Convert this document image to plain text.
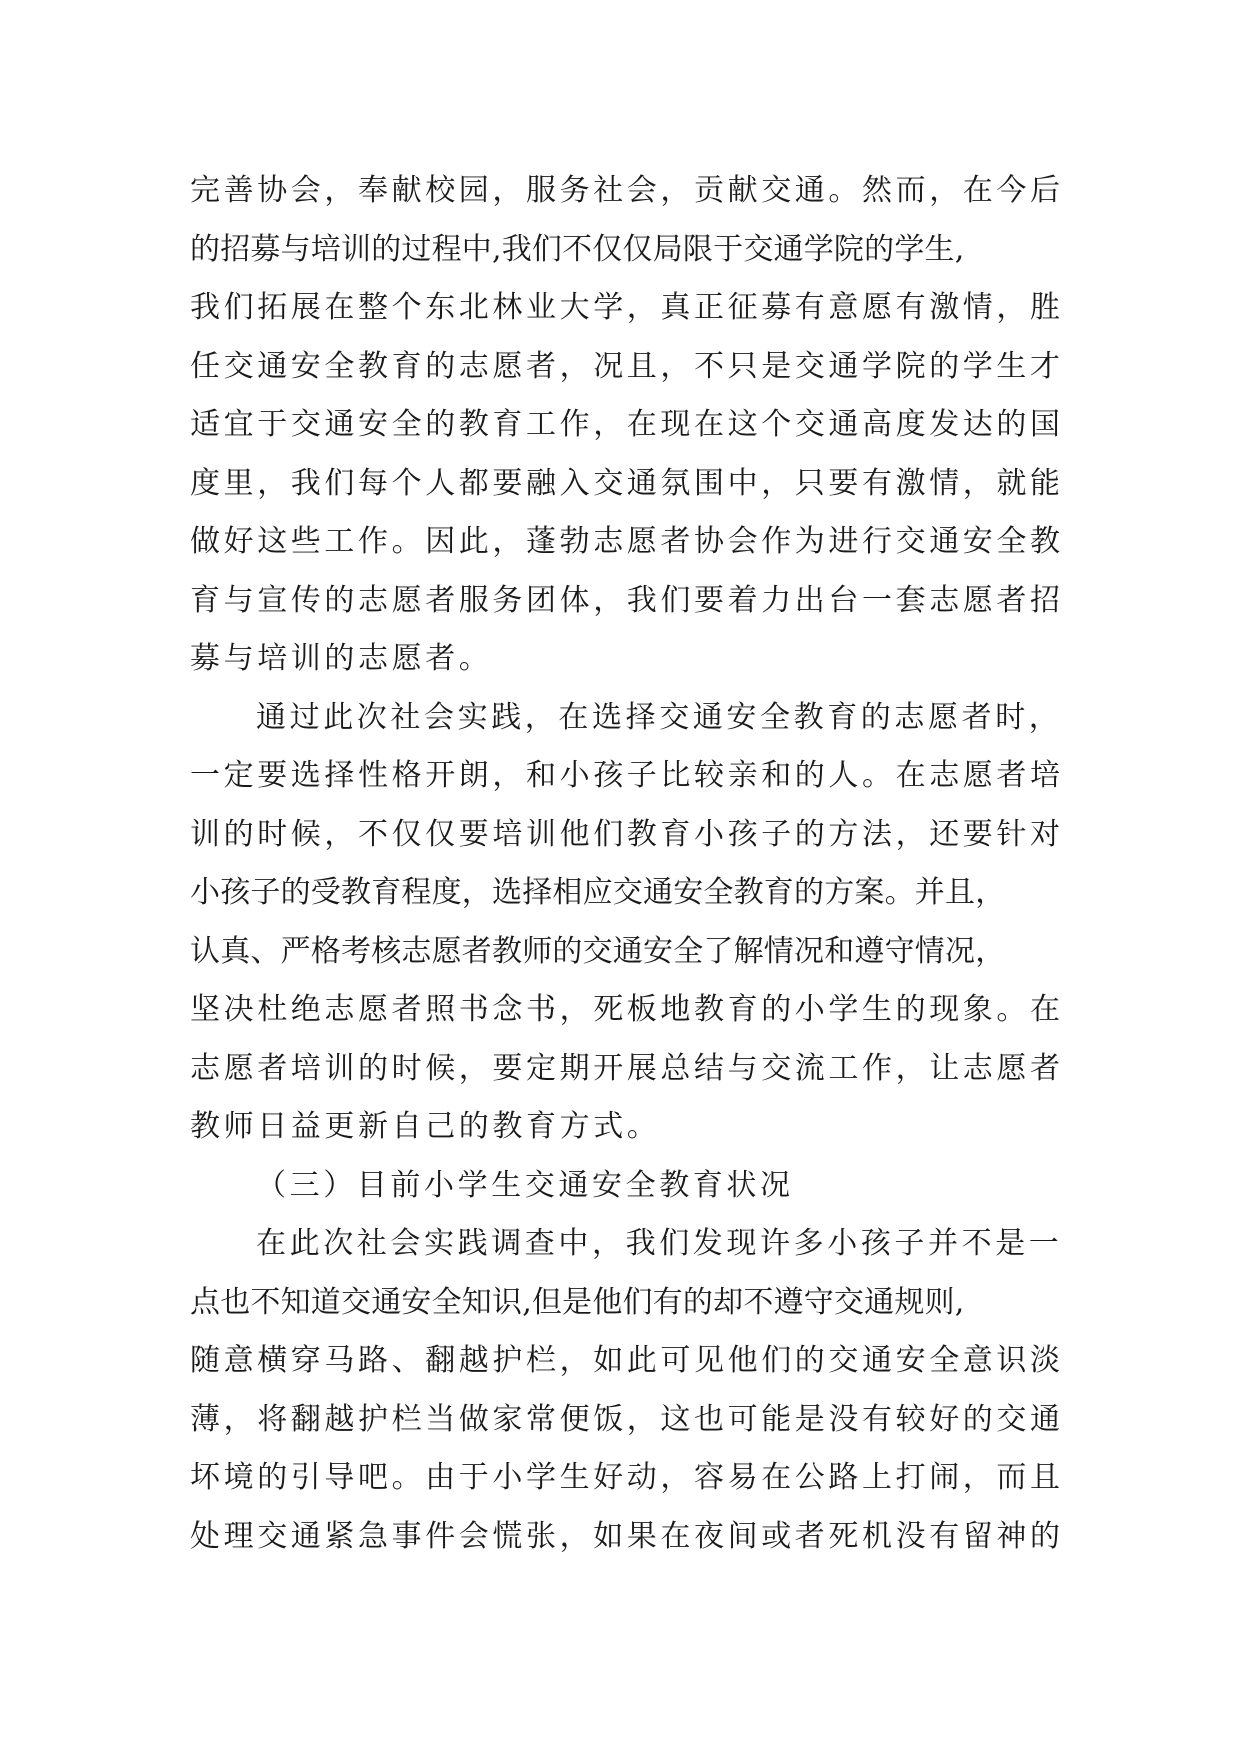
完善协会，奉献校园，服务社会，贡献交通。然而，在今后
的招募与培训的过程中,我们不仅仅局限于交通学院的学生,
我们拓展在整个东北林业大学，真正征募有意愿有激情，胜
任交通安全教育的志愿者，况且，不只是交通学院的学生才
适宜于交通安全的教育工作，在现在这个交通高度发达的国
度里，我们每个人都要融入交通氛围中，只要有激情，就能
做好这些工作。因此，蓬勃志愿者协会作为进行交通安全教
育与宣传的志愿者服务团体，我们要着力出台一套志愿者招
募与培训的志愿者。
通过此次社会实践，在选择交通安全教育的志愿者时，
一定要选择性格开朗，和小孩子比较亲和的人。在志愿者培
训的时候，不仅仅要培训他们教育小孩子的方法，还要针对
小孩子的受教育程度，选择相应交通安全教育的方案。并且，
认真、严格考核志愿者教师的交通安全了解情况和遵守情况，
坚决杜绝志愿者照书念书，死板地教育的小学生的现象。在
志愿者培训的时候，要定期开展总结与交流工作，让志愿者
教师日益更新自己的教育方式。
（三）目前小学生交通安全教育状况
在此次社会实践调查中，我们发现许多小孩子并不是一
点也不知道交通安全知识,但是他们有的却不遵守交通规则,
随意横穿马路、翻越护栏，如此可见他们的交通安全意识淡
薄，将翻越护栏当做家常便饭，这也可能是没有较好的交通
坏境的引导吧。由于小学生好动，容易在公路上打闹，而且
处理交通紧急事件会慌张，如果在夜间或者死机没有留神的
